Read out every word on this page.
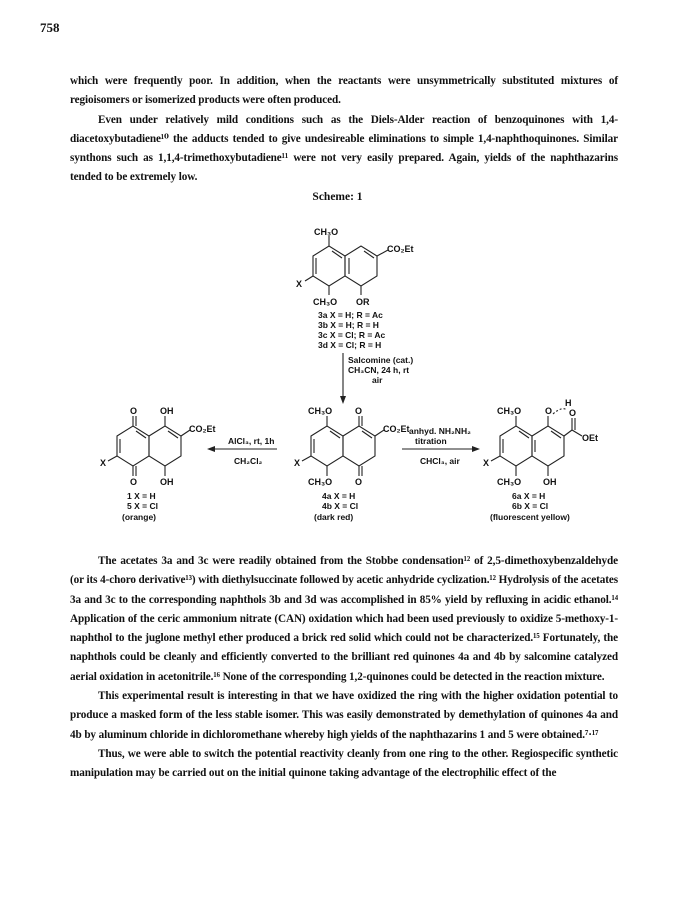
758

which were frequently poor. In addition, when the reactants were unsymmetrically substituted mixtures of regioisomers or isomerized products were often produced.

Even under relatively mild conditions such as the Diels-Alder reaction of benzoquinones with 1,4-diacetoxybutadiene¹⁰ the adducts tended to give undesireable eliminations to simple 1,4-naphthoquinones. Similar synthons such as 1,1,4-trimethoxybutadiene¹¹ were not very easily prepared. Again, yields of the naphthazarins tended to be extremely low.

Scheme: 1
CH₃O
CO₂Et
X
CH₃O OR
3a X = H; R = Ac
3b X = H; R = H
3c X = Cl; R = Ac
3d X = Cl; R = H
Salcomine (cat.)
CH₃CN, 24 h, rt
air
O	OH
CO₂Et
X
O	OH
1 X = H
5 X = Cl
(orange)
AlCl₃, rt, 1h
CH₂Cl₂
CH₃O	O
CO₂Et
X
CH₃O	O
4a X = H
4b X = Cl
(dark red)
anhyd. NH₂NH₂
titration
CHCl₃, air
CH₃O	O
H
O
OEt
X
CH₃O OH
6a X = H
6b X = Cl
(fluorescent yellow)

The acetates 3a and 3c were readily obtained from the Stobbe condensation¹² of 2,5-dimethoxybenzaldehyde (or its 4-choro derivative¹³) with diethylsuccinate followed by acetic anhydride cyclization.¹² Hydrolysis of the acetates 3a and 3c to the corresponding naphthols 3b and 3d was accomplished in 85% yield by refluxing in acidic ethanol.¹⁴ Application of the ceric ammonium nitrate (CAN) oxidation which had been used previously to oxidize 5-methoxy-1-naphthol to the juglone methyl ether produced a brick red solid which could not be characterized.¹⁵ Fortunately, the naphthols could be cleanly and efficiently converted to the brilliant red quinones 4a and 4b by salcomine catalyzed aerial oxidation in acetonitrile.¹⁶ None of the corresponding 1,2-quinones could be detected in the reaction mixture.

This experimental result is interesting in that we have oxidized the ring with the higher oxidation potential to produce a masked form of the less stable isomer. This was easily demonstrated by demethylation of quinones 4a and 4b by aluminum chloride in dichloromethane whereby high yields of the naphthazarins 1 and 5 were obtained.⁷·¹⁷

Thus, we were able to switch the potential reactivity cleanly from one ring to the other. Regiospecific synthetic manipulation may be carried out on the initial quinone taking advantage of the electrophilic effect of the
